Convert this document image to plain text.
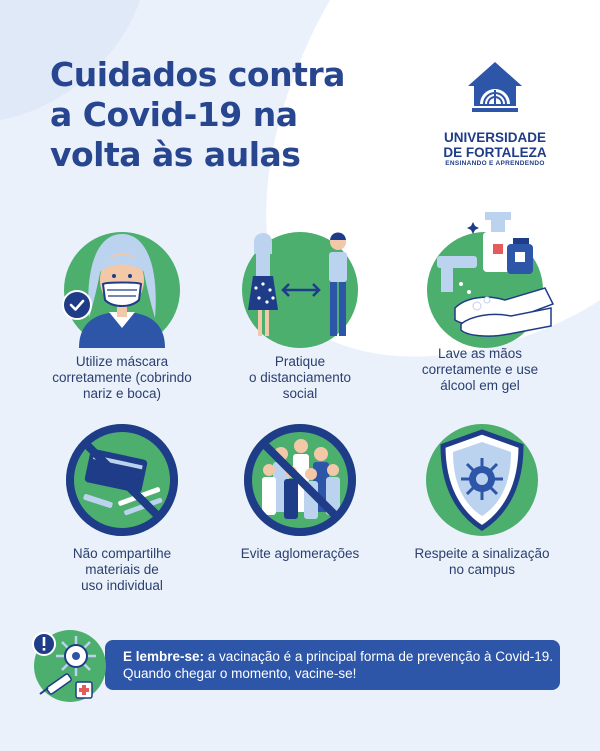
Cuidados contra
a Covid-19 na
volta às aulas	UNIVERSIDADE
DE FORTALEZA
ENSINANDO E APRENDENDO
Utilize máscara
corretamente (cobrindo
nariz e boca)
Pratique
o distanciamento
social
Lave as mãos
corretamente e use
álcool em gel
Não compartilhe
materiais de
uso individual
Evite aglomerações	Respeite a sinalização
no campus
E lembre-se: a vacinação é a principal forma de prevenção à Covid-19. Quando chegar o momento, vacine-se!
